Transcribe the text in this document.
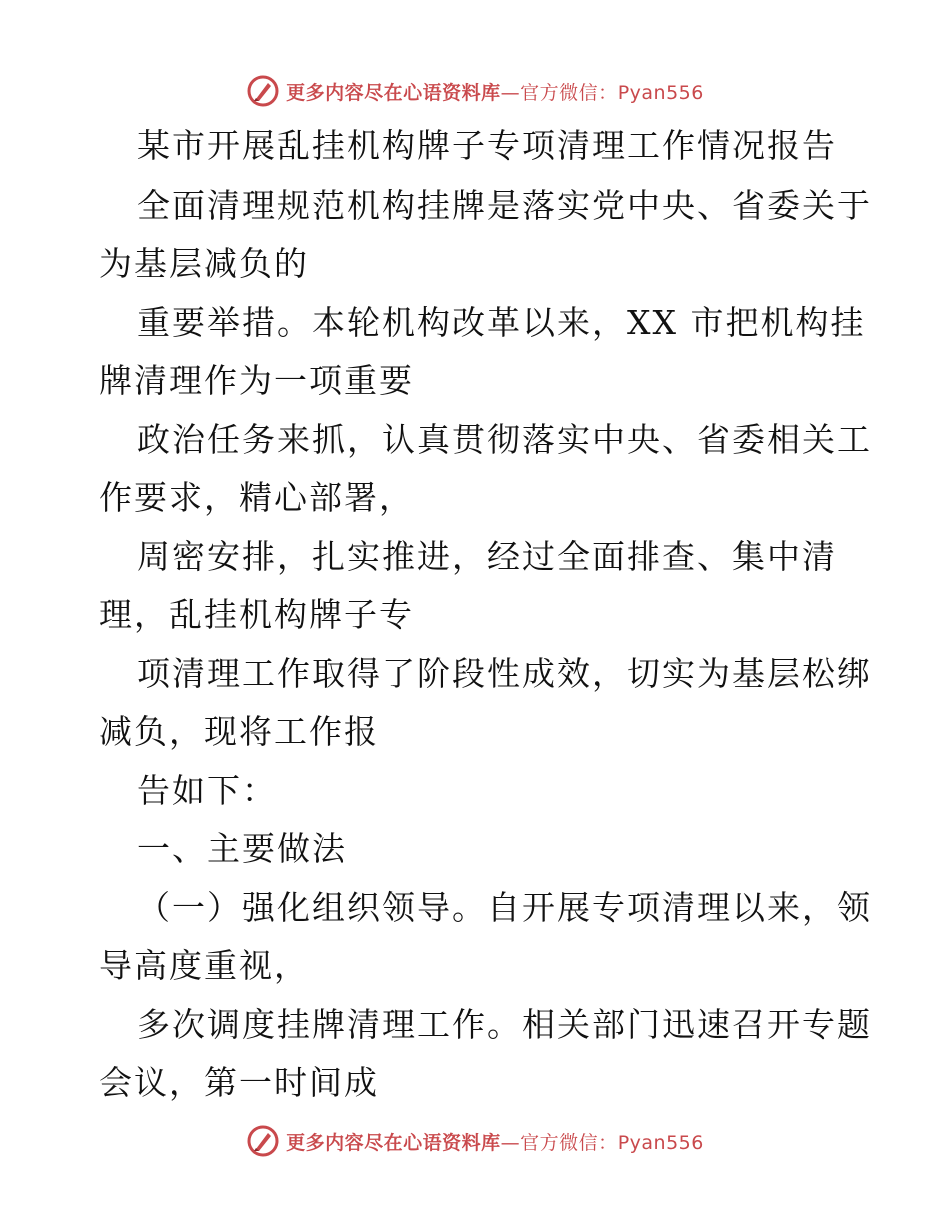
更多内容尽在心语资料库—官方微信：Pyan556
某市开展乱挂机构牌子专项清理工作情况报告
全面清理规范机构挂牌是落实党中央、省委关于
为基层减负的
重要举措。本轮机构改革以来，XX 市把机构挂
牌清理作为一项重要
政治任务来抓，认真贯彻落实中央、省委相关工
作要求，精心部署，
周密安排，扎实推进，经过全面排查、集中清
理，乱挂机构牌子专
项清理工作取得了阶段性成效，切实为基层松绑
减负，现将工作报
告如下：
一、主要做法
（一）强化组织领导。自开展专项清理以来，领
导高度重视，
多次调度挂牌清理工作。相关部门迅速召开专题
会议，第一时间成
更多内容尽在心语资料库—官方微信：Pyan556
